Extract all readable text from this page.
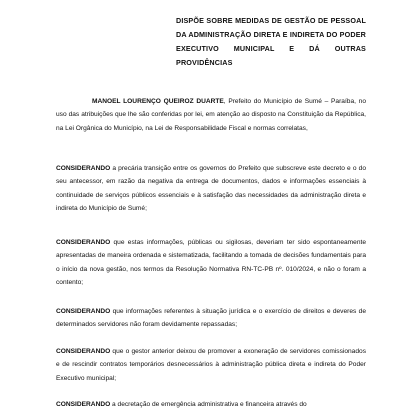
DISPÕE SOBRE MEDIDAS DE GESTÃO DE PESSOAL DA ADMINISTRAÇÃO DIRETA E INDIRETA DO PODER EXECUTIVO MUNICIPAL E DÁ OUTRAS PROVIDÊNCIAS
MANOEL LOURENÇO QUEIROZ DUARTE, Prefeito do Município de Sumé – Paraíba, no uso das atribuições que lhe são conferidas por lei, em atenção ao disposto na Constituição da República, na Lei Orgânica do Município, na Lei de Responsabilidade Fiscal e normas correlatas,
CONSIDERANDO a precária transição entre os governos do Prefeito que subscreve este decreto e o do seu antecessor, em razão da negativa da entrega de documentos, dados e informações essenciais à continuidade de serviços públicos essenciais e à satisfação das necessidades da administração direta e indireta do Município de Sumé;
CONSIDERANDO que estas informações, públicas ou sigilosas, deveriam ter sido espontaneamente apresentadas de maneira ordenada e sistematizada, facilitando a tomada de decisões fundamentais para o início da nova gestão, nos termos da Resolução Normativa RN-TC-PB nº. 010/2024, e não o foram a contento;
CONSIDERANDO que informações referentes à situação jurídica e o exercício de direitos e deveres de determinados servidores não foram devidamente repassadas;
CONSIDERANDO que o gestor anterior deixou de promover a exoneração de servidores comissionados e de rescindir contratos temporários desnecessários à administração pública direta e indireta do Poder Executivo municipal;
CONSIDERANDO a decretação de emergência administrativa e financeira através do
